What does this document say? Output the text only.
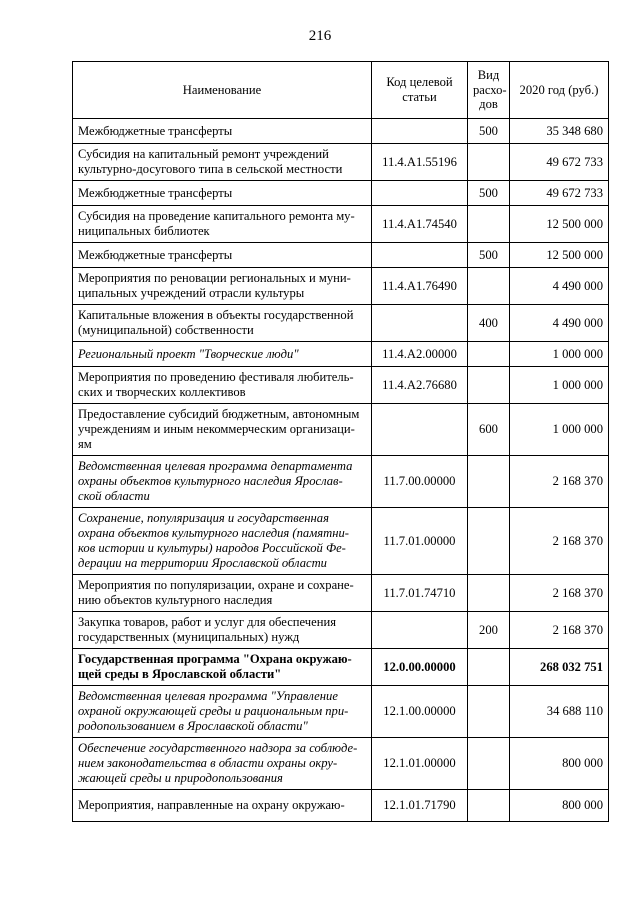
216
Наименование	Код целевой статьи	Вид расхо-дов	2020 год (руб.)
Межбюджетные трансферты		500	35 348 680
Субсидия на капитальный ремонт учреждений культурно-досугового типа в сельской местности	11.4.A1.55196		49 672 733
Межбюджетные трансферты		500	49 672 733
Субсидия на проведение капитального ремонта му-ниципальных библиотек	11.4.A1.74540		12 500 000
Межбюджетные трансферты		500	12 500 000
Мероприятия по реновации региональных и муни-ципальных учреждений отрасли культуры	11.4.A1.76490		4 490 000
Капитальные вложения в объекты государственной (муниципальной) собственности		400	4 490 000
Региональный проект "Творческие люди"	11.4.A2.00000		1 000 000
Мероприятия по проведению фестиваля любитель-ских и творческих коллективов	11.4.A2.76680		1 000 000
Предоставление субсидий бюджетным, автономным учреждениям и иным некоммерческим организаци-ям		600	1 000 000
Ведомственная целевая программа департамента охраны объектов культурного наследия Ярослав-ской области	11.7.00.00000		2 168 370
Сохранение, популяризация и государственная охрана объектов культурного наследия (памятни-ков истории и культуры) народов Российской Фе-дерации на территории Ярославской области	11.7.01.00000		2 168 370
Мероприятия по популяризации, охране и сохране-нию объектов культурного наследия	11.7.01.74710		2 168 370
Закупка товаров, работ и услуг для обеспечения государственных (муниципальных) нужд		200	2 168 370
Государственная программа "Охрана окружаю-щей среды в Ярославской области"	12.0.00.00000		268 032 751
Ведомственная целевая программа "Управление охраной окружающей среды и рациональным при-родопользованием в Ярославской области"	12.1.00.00000		34 688 110
Обеспечение государственного надзора за соблюде-нием законодательства в области охраны окру-жающей среды и природопользования	12.1.01.00000		800 000
Мероприятия, направленные на охрану окружаю-	12.1.01.71790		800 000
